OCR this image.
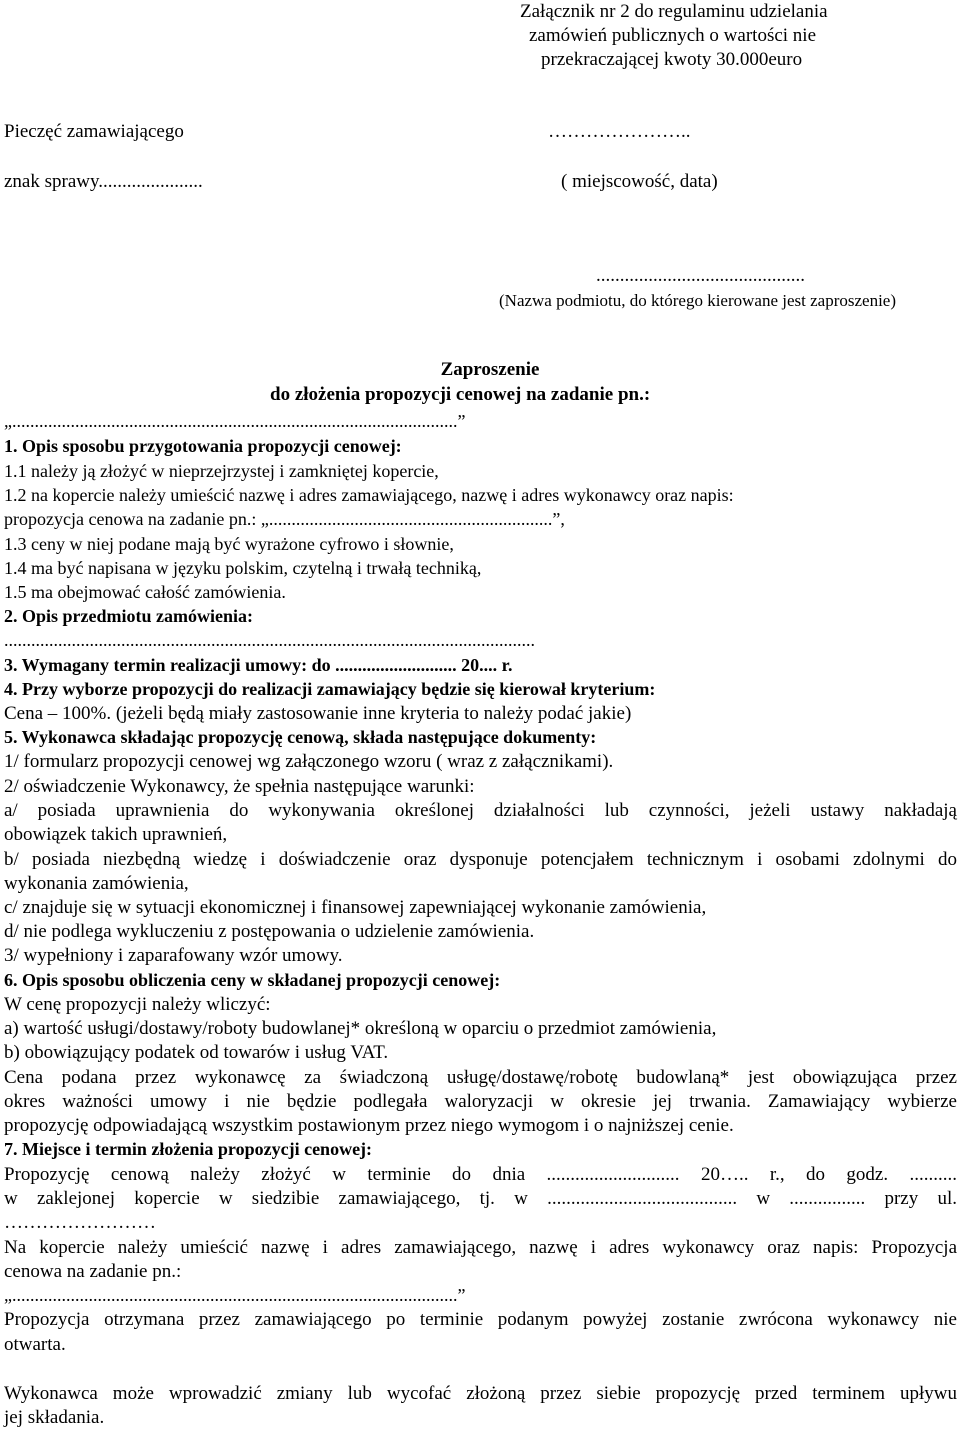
Załącznik nr 2 do regulaminu udzielania
zamówień publicznych o wartości nie
przekraczającej kwoty 30.000euro
Pieczęć zamawiającego	…………………..
znak sprawy......................	( miejscowość, data)
............................................
(Nazwa podmiotu, do którego kierowane jest zaproszenie)
Zaproszenie
do złożenia propozycji cenowej na zadanie pn.:
„...................................................................................................”
1. Opis sposobu przygotowania propozycji cenowej:
1.1 należy ją złożyć w nieprzejrzystej i zamkniętej kopercie,
1.2 na kopercie należy umieścić nazwę i adres zamawiającego, nazwę i adres wykonawcy oraz napis:
propozycja cenowa na zadanie pn.: „...............................................................”,
1.3 ceny w niej podane mają być wyrażone cyfrowo i słownie,
1.4 ma być napisana w języku polskim, czytelną i trwałą techniką,
1.5 ma obejmować całość zamówienia.
2. Opis przedmiotu zamówienia:
......................................................................................................................
3. Wymagany termin realizacji umowy: do ........................... 20.... r.
4. Przy wyborze propozycji do realizacji zamawiający będzie się kierował kryterium:
Cena – 100%. (jeżeli będą miały zastosowanie inne kryteria to należy podać jakie)
5. Wykonawca składając propozycję cenową, składa następujące dokumenty:
1/ formularz propozycji cenowej wg załączonego wzoru ( wraz z załącznikami).
2/ oświadczenie Wykonawcy, że spełnia następujące warunki:
a/ posiada uprawnienia do wykonywania określonej działalności lub czynności, jeżeli ustawy nakładają
obowiązek takich uprawnień,
b/ posiada niezbędną wiedzę i doświadczenie oraz dysponuje potencjałem technicznym i osobami zdolnymi do
wykonania zamówienia,
c/ znajduje się w sytuacji ekonomicznej i finansowej zapewniającej wykonanie zamówienia,
d/ nie podlega wykluczeniu z postępowania o udzielenie zamówienia.
3/ wypełniony i zaparafowany wzór umowy.
6. Opis sposobu obliczenia ceny w składanej propozycji cenowej:
W cenę propozycji należy wliczyć:
a) wartość usługi/dostawy/roboty budowlanej* określoną w oparciu o przedmiot zamówienia,
b) obowiązujący podatek od towarów i usług VAT.
Cena podana przez wykonawcę za świadczoną usługę/dostawę/robotę budowlaną* jest obowiązująca przez
okres ważności umowy i nie będzie podlegała waloryzacji w okresie jej trwania. Zamawiający wybierze
propozycję odpowiadającą wszystkim postawionym przez niego wymogom i o najniższej cenie.
7. Miejsce i termin złożenia propozycji cenowej:
Propozycję cenową należy złożyć w terminie do dnia ............................ 20….. r., do godz. ..........
w zaklejonej kopercie w siedzibie zamawiającego, tj. w ........................................ w ................ przy ul.
……………………
Na kopercie należy umieścić nazwę i adres zamawiającego, nazwę i adres wykonawcy oraz napis: Propozycja
cenowa na zadanie pn.:
„...................................................................................................”
Propozycja otrzymana przez zamawiającego po terminie podanym powyżej zostanie zwrócona wykonawcy nie
otwarta.
Wykonawca może wprowadzić zmiany lub wycofać złożoną przez siebie propozycję przed terminem upływu
jej składania.
